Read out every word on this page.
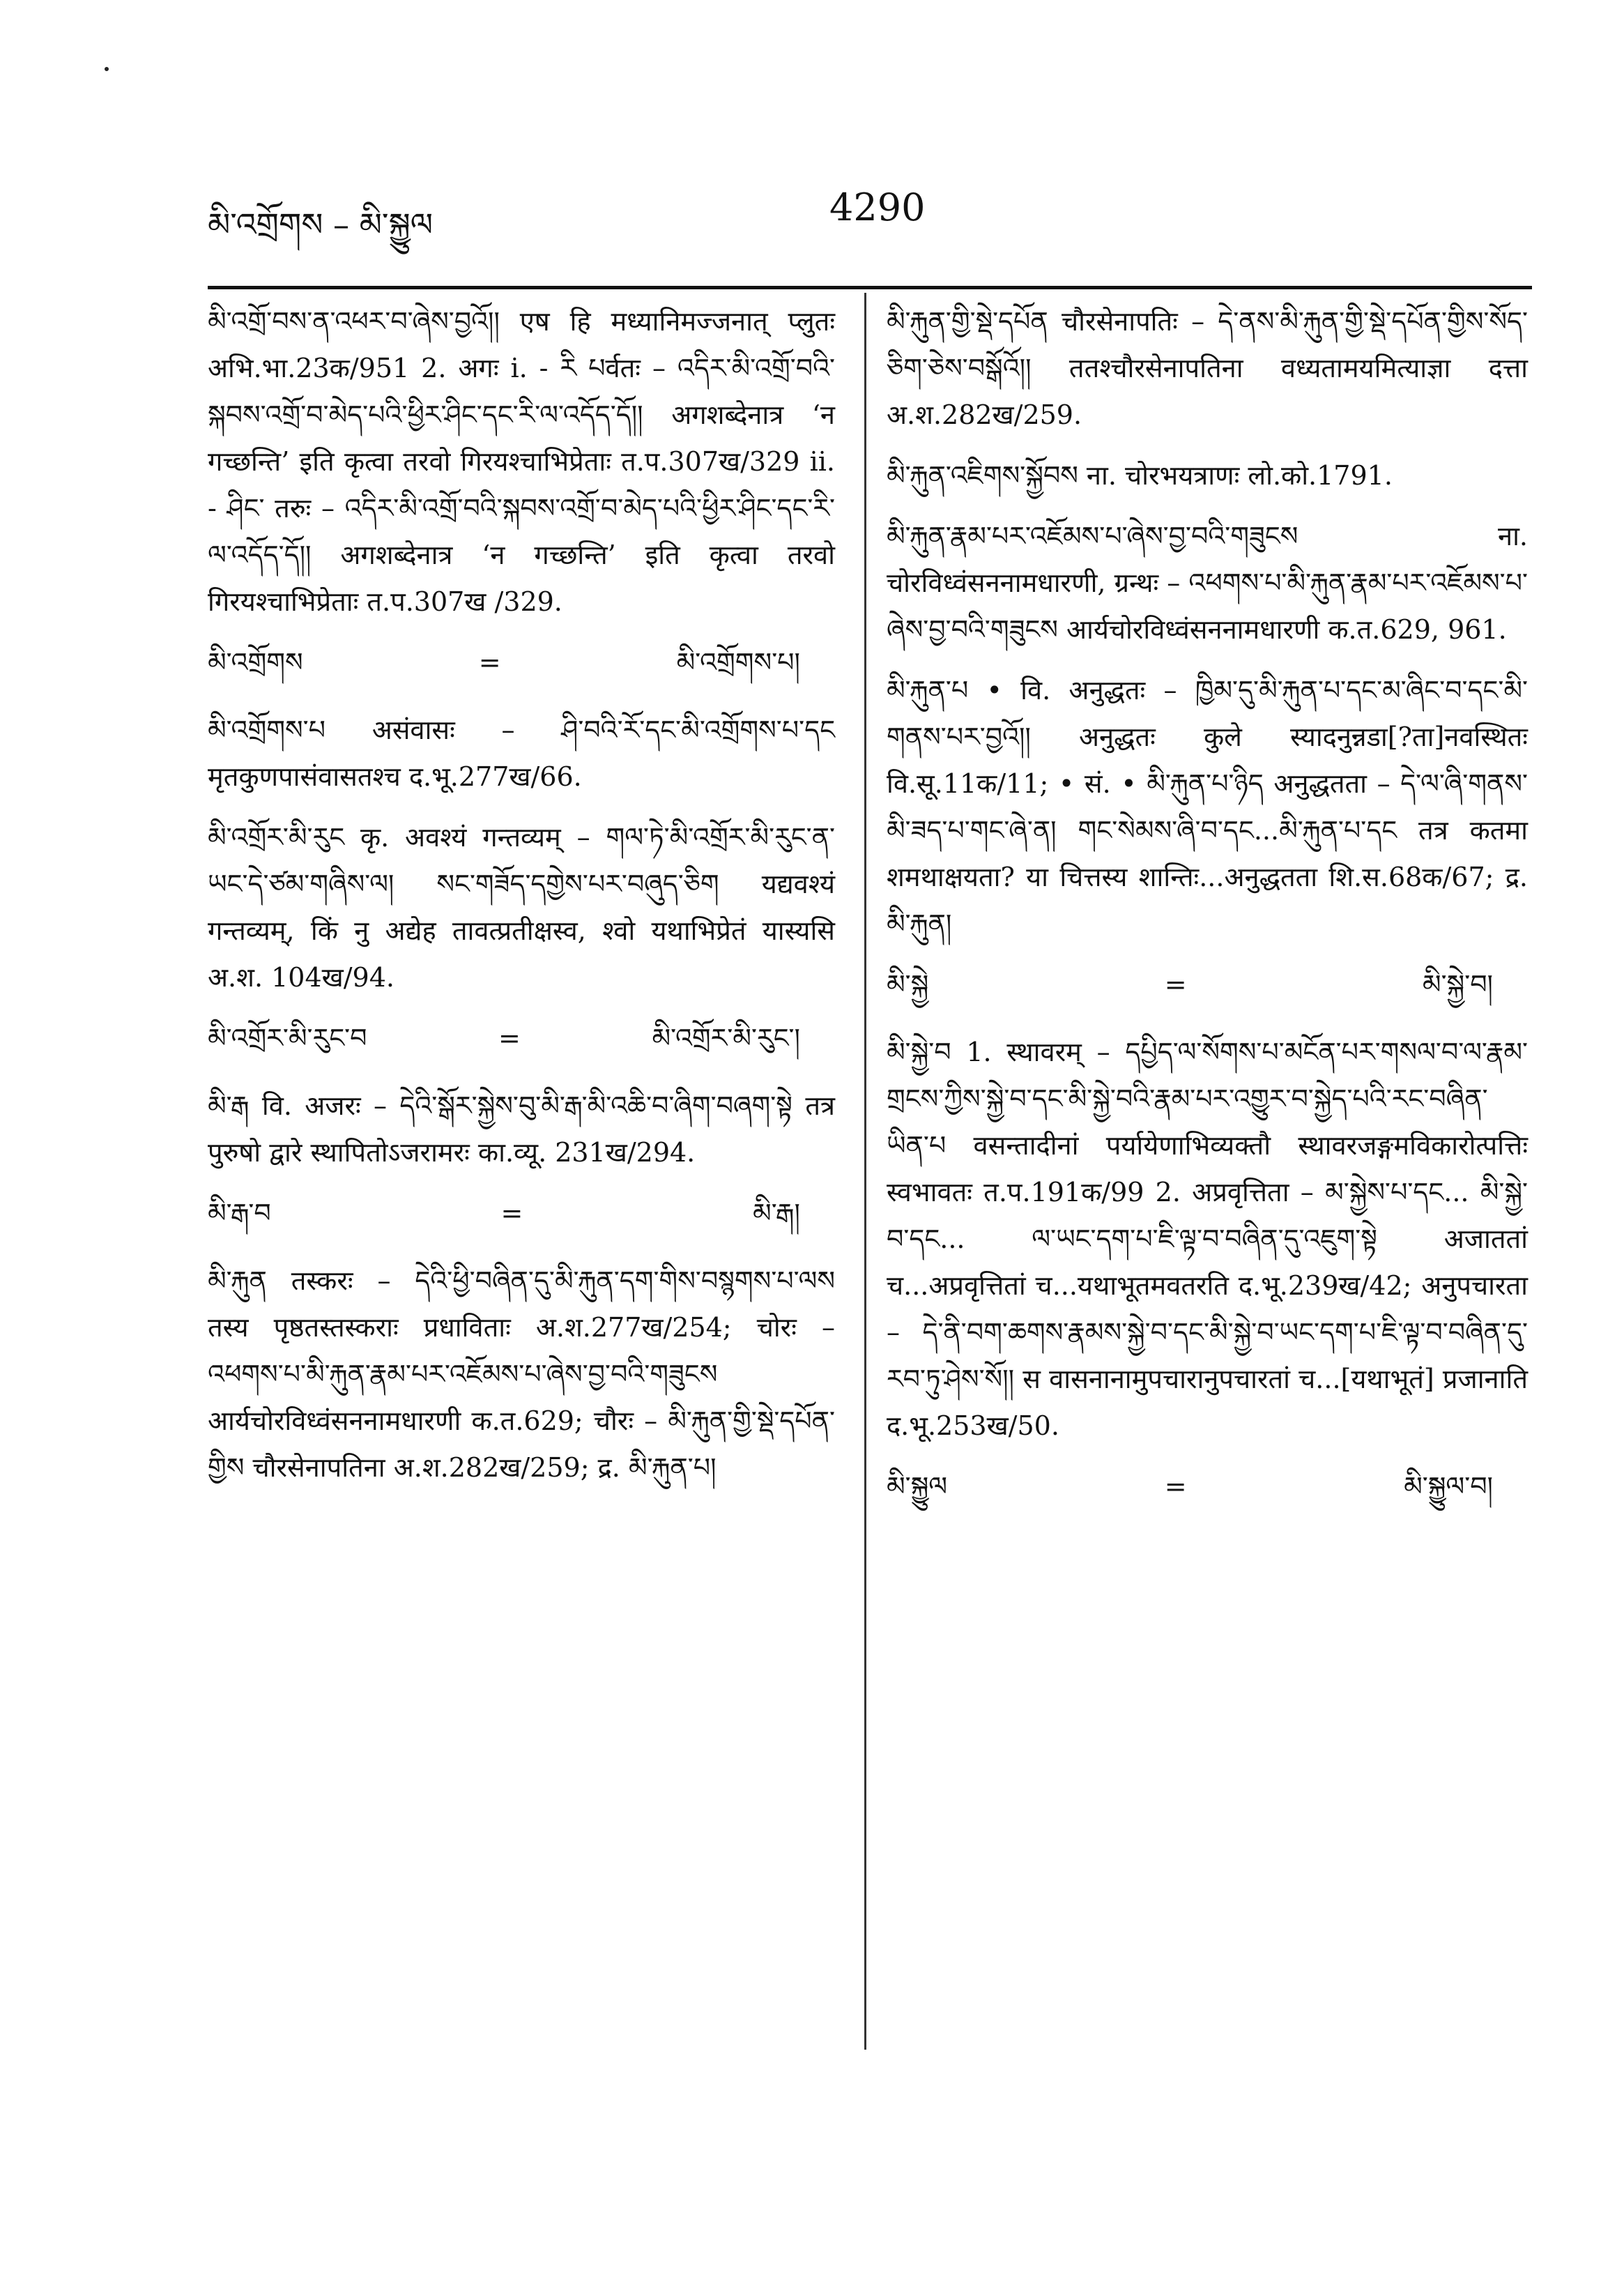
མི་འགྲོགས – མི་སྐྱུལ	4290
མི་འགྲོ་བས་ན་འཕར་བ་ཞེས་བྱའོ།། एष हि मध्यानिमज्जनात् प्लुतः अभि.भा.23क/951 2. अगः i. - རི པर्वतः – འདིར་མི་འགྲོ་བའི་སྐབས་འགྲོ་བ་མེད་པའི་ཕྱིར་ཤིང་དང་རི་ལ་འདོད་དོ།། अगशब्देनात्र ‘न गच्छन्ति’ इति कृत्वा तरवो गिरयश्चाभिप्रेताः त.प.307ख/329 ii. - ཤིང་ तरुः – འདིར་མི་འགྲོ་བའི་སྐབས་འགྲོ་བ་མེད་པའི་ཕྱིར་ཤིང་དང་རི་ལ་འདོད་དོ།། अगशब्देनात्र ‘न गच्छन्ति’ इति कृत्वा तरवो गिरयश्चाभिप्रेताः त.प.307ख /329.
མི་འགྲོགས	=	མི་འགྲོགས་པ།
མི་འགྲོགས་པ असंवासः – ཤི་བའི་རོ་དང་མི་འགྲོགས་པ་དང मृतकुणपासंवासतश्च द.भू.277ख/66.
མི་འགྲོར་མི་རུང कृ. अवश्यं गन्तव्यम् – གལ་ཏེ་མི་འགྲོར་མི་རུང་ན་ཡང་དེ་ཙམ་གཞིས་ལ། སང་གཟོད་དགྱེས་པར་བཞུད་ཅིག यद्यवश्यं गन्तव्यम्, किं नु अद्येह तावत्प्रतीक्षस्व, श्वो यथाभिप्रेतं यास्यसि अ.श. 104ख/94.
མི་འགྲོར་མི་རུང་བ	=	མི་འགྲོར་མི་རུང་།
མི་རྒ वि. अजरः – དེའི་སྒོར་སྐྱེས་བུ་མི་རྒ་མི་འཆི་བ་ཞིག་བཞག་སྟེ तत्र पुरुषो द्वारे स्थापितोऽजरामरः का.व्यू. 231ख/294.
མི་རྒ་བ	=	མི་རྒ།
མི་རྐུན तस्करः – དེའི་ཕྱི་བཞིན་དུ་མི་རྐུན་དག་གིས་བསྙགས་པ་ལས तस्य पृष्ठतस्तस्कराः प्रधाविताः अ.श.277ख/254; चोरः – འཕགས་པ་མི་རྐུན་རྣམ་པར་འཇོམས་པ་ཞེས་བྱ་བའི་གཟུངས आर्यचोरविध्वंसननामधारणी क.त.629; चौरः – མི་རྐུན་གྱི་སྡེ་དཔོན་གྱིས चौरसेनापतिना अ.श.282ख/259; द्र. མི་རྐུན་པ།
མི་རྐུན་གྱི་སྡེ་དཔོན चौरसेनापतिः – དེ་ནས་མི་རྐུན་གྱི་སྡེ་དཔོན་གྱིས་སོད་ཅིག་ཅེས་བསྒོའོ།། ततश्चौरसेनापतिना वध्यतामयमित्याज्ञा दत्ता अ.श.282ख/259.
མི་རྐུན་འཇིགས་སྐྱོབས ना. चोरभयत्राणः लो.को.1791.
མི་རྐུན་རྣམ་པར་འཇོམས་པ་ཞེས་བྱ་བའི་གཟུངས ना. चोरविध्वंसननामधारणी, ग्रन्थः – འཕགས་པ་མི་རྐུན་རྣམ་པར་འཇོམས་པ་ཞེས་བྱ་བའི་གཟུངས आर्यचोरविध्वंसननामधारणी क.त.629, 961.
མི་རྐུན་པ • वि. अनुद्धतः – ཁྱིམ་དུ་མི་རྐུན་པ་དང་མ་ཞིང་བ་དང་མི་གནས་པར་བྱའོ།། अनुद्धतः कुले स्यादनुन्नडा[?ता]नवस्थितः वि.सू.11क/11; • सं. • མི་རྐུན་པ་ཉིད अनुद्धतता – དེ་ལ་ཞི་གནས་མི་ཟད་པ་གང་ཞེ་ན། གང་སེམས་ཞི་བ་དང...མི་རྐུན་པ་དང तत्र कतमा शमथाक्षयता? या चित्तस्य शान्तिः...अनुद्धतता शि.स.68क/67; द्र. མི་རྐུན།
མི་སྐྱེ	=	མི་སྐྱེ་བ།
མི་སྐྱེ་བ 1. स्थावरम् – དཔྱིད་ལ་སོགས་པ་མངོན་པར་གསལ་བ་ལ་རྣམ་གྲངས་ཀྱིས་སྐྱེ་བ་དང་མི་སྐྱེ་བའི་རྣམ་པར་འགྱུར་བ་སྐྱེད་པའི་རང་བཞིན་ཡིན་པ वसन्तादीनां पर्यायेणाभिव्यक्तौ स्थावरजङ्गमविकारोत्पत्तिः स्वभावतः त.प.191क/99 2. अप्रवृत्तिता – མ་སྐྱེས་པ་དང... མི་སྐྱེ་བ་དང... ལ་ཡང་དག་པ་ཇི་ལྟ་བ་བཞིན་དུ་འཇུག་སྟེ अजाततां च...अप्रवृत्तितां च...यथाभूतमवतरति द.भू.239ख/42; अनुपचारता – དེ་ནི་བག་ཆགས་རྣམས་སྐྱེ་བ་དང་མི་སྐྱེ་བ་ཡང་དག་པ་ཇི་ལྟ་བ་བཞིན་དུ་རབ་ཏུ་ཤེས་སོ།། स वासनानामुपचारानुपचारतां च...[यथाभूतं] प्रजानाति द.भू.253ख/50.
མི་སྐྱུལ	=	མི་སྐྱུལ་བ།
